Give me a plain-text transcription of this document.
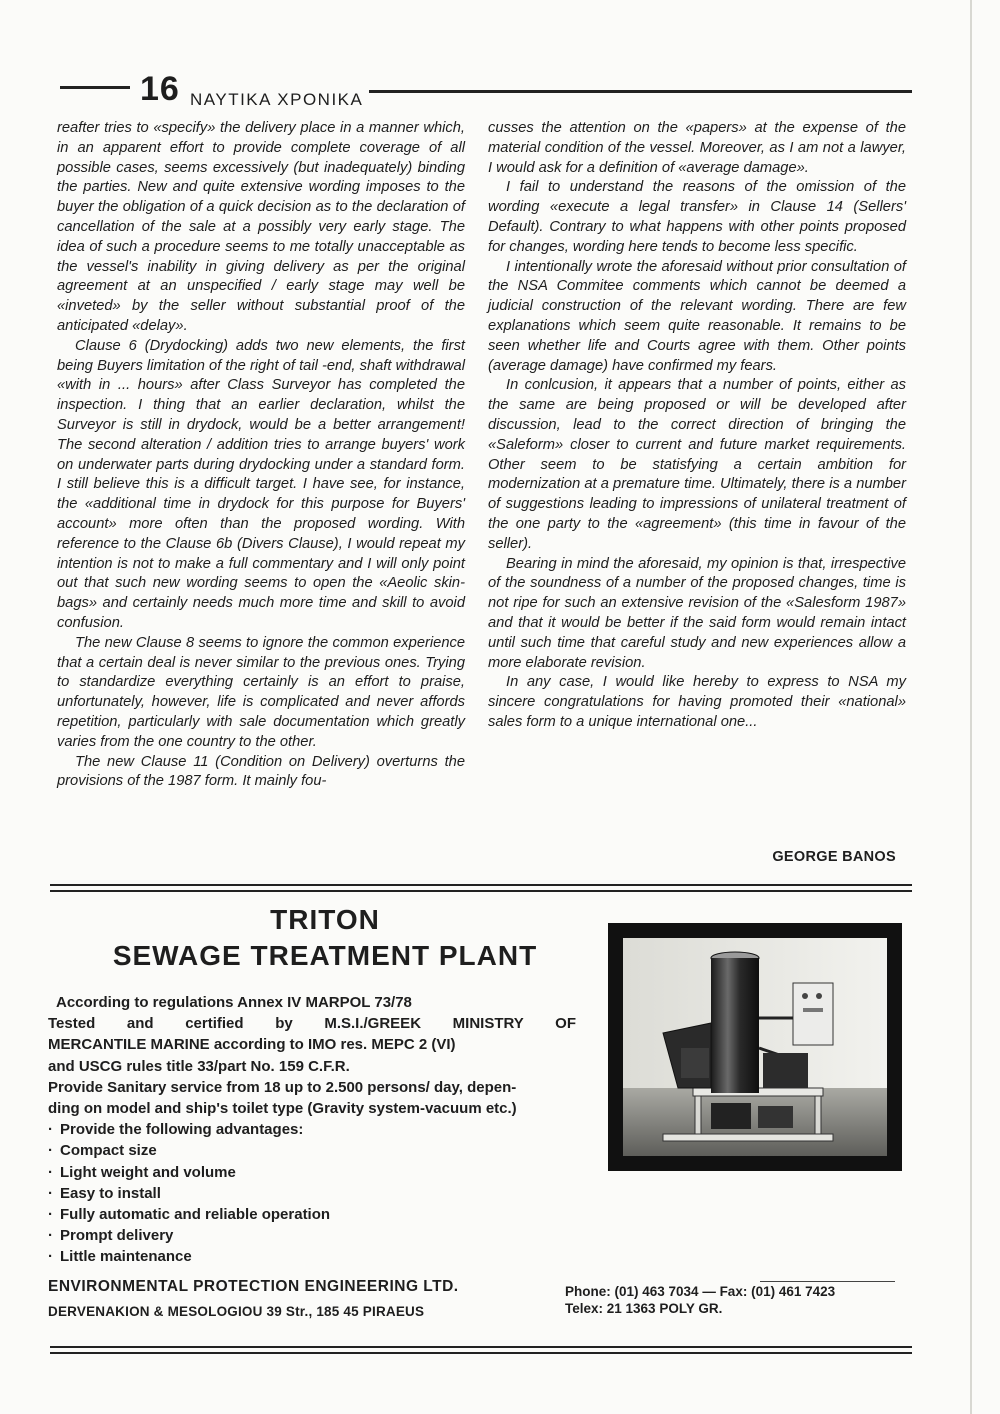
16 ΝΑΥΤΙΚΑ ΧΡΟΝΙΚΑ

reafter tries to «specify» the delivery place in a manner which, in an apparent effort to provide complete coverage of all possible cases, seems excessively (but inadequately) binding the parties. New and quite extensive wording imposes to the buyer the obligation of a quick decision as to the declaration of cancellation of the sale at a possibly very early stage. The idea of such a procedure seems to me totally unacceptable as the vessel's inability in giving delivery as per the original agreement at an unspecified / early stage may well be «inveted» by the seller without substantial proof of the anticipated «delay».

Clause 6 (Drydocking) adds two new elements, the first being Buyers limitation of the right of tail -end, shaft withdrawal «with in ... hours» after Class Surveyor has completed the inspection. I thing that an earlier declaration, whilst the Surveyor is still in drydock, would be a better arrangement! The second alteration / addition tries to arrange buyers' work on underwater parts during drydocking under a standard form. I still believe this is a difficult target. I have see, for instance, the «additional time in drydock for this purpose for Buyers' account» more often than the proposed wording. With reference to the Clause 6b (Divers Clause), I would repeat my intention is not to make a full commentary and I will only point out that such new wording seems to open the «Aeolic skin-bags» and certainly needs much more time and skill to avoid confusion.

The new Clause 8 seems to ignore the common experience that a certain deal is never similar to the previous ones. Trying to standardize everything certainly is an effort to praise, unfortunately, however, life is complicated and never affords repetition, particularly with sale documentation which greatly varies from the one country to the other.

The new Clause 11 (Condition on Delivery) overturns the provisions of the 1987 form. It mainly fou-

cusses the attention on the «papers» at the expense of the material condition of the vessel. Moreover, as I am not a lawyer, I would ask for a definition of «average damage».

I fail to understand the reasons of the omission of the wording «execute a legal transfer» in Clause 14 (Sellers' Default). Contrary to what happens with other points proposed for changes, wording here tends to become less specific.

I intentionally wrote the aforesaid without prior consultation of the NSA Commitee comments which cannot be deemed a judicial construction of the relevant wording. There are few explanations which seem quite reasonable. It remains to be seen whether life and Courts agree with them. Other points (average damage) have confirmed my fears.

In conlcusion, it appears that a number of points, either as the same are being proposed or will be developed after discussion, lead to the correct direction of bringing the «Saleform» closer to current and future market requirements. Other seem to be statisfying a certain ambition for modernization at a premature time. Ultimately, there is a number of suggestions leading to impressions of unilateral treatment of the one party to the «agreement» (this time in favour of the seller).

Bearing in mind the aforesaid, my opinion is that, irrespective of the soundness of a number of the proposed changes, time is not ripe for such an extensive revision of the «Salesform 1987» and that it would be better if the said form would remain intact until such time that careful study and new experiences allow a more elaborate revision.

In any case, I would like hereby to express to NSA my sincere congratulations for having promoted their «national» sales form to a unique international one...

GEORGE BANOS
TRITON
SEWAGE TREATMENT PLANT
According to regulations Annex IV MARPOL 73/78
Tested and certified by M.S.I./GREEK MINISTRY OF
MERCANTILE MARINE according to IMO res. MEPC 2 (VI)
and USCG rules title 33/part No. 159 C.F.R.
Provide Sanitary service from 18 up to 2.500 persons/ day, depen-
ding on model and ship's toilet type (Gravity system-vacuum etc.)
· Provide the following advantages:
· Compact size
· Light weight and volume
· Easy to install
· Fully automatic and reliable operation
· Prompt delivery
· Little maintenance
ENVIRONMENTAL PROTECTION ENGINEERING LTD.
DERVENAKION & MESOLOGIOU 39 Str., 185 45 PIRAEUS
Phone: (01) 463 7034 — Fax: (01) 461 7423
Telex: 21 1363 POLY GR.
